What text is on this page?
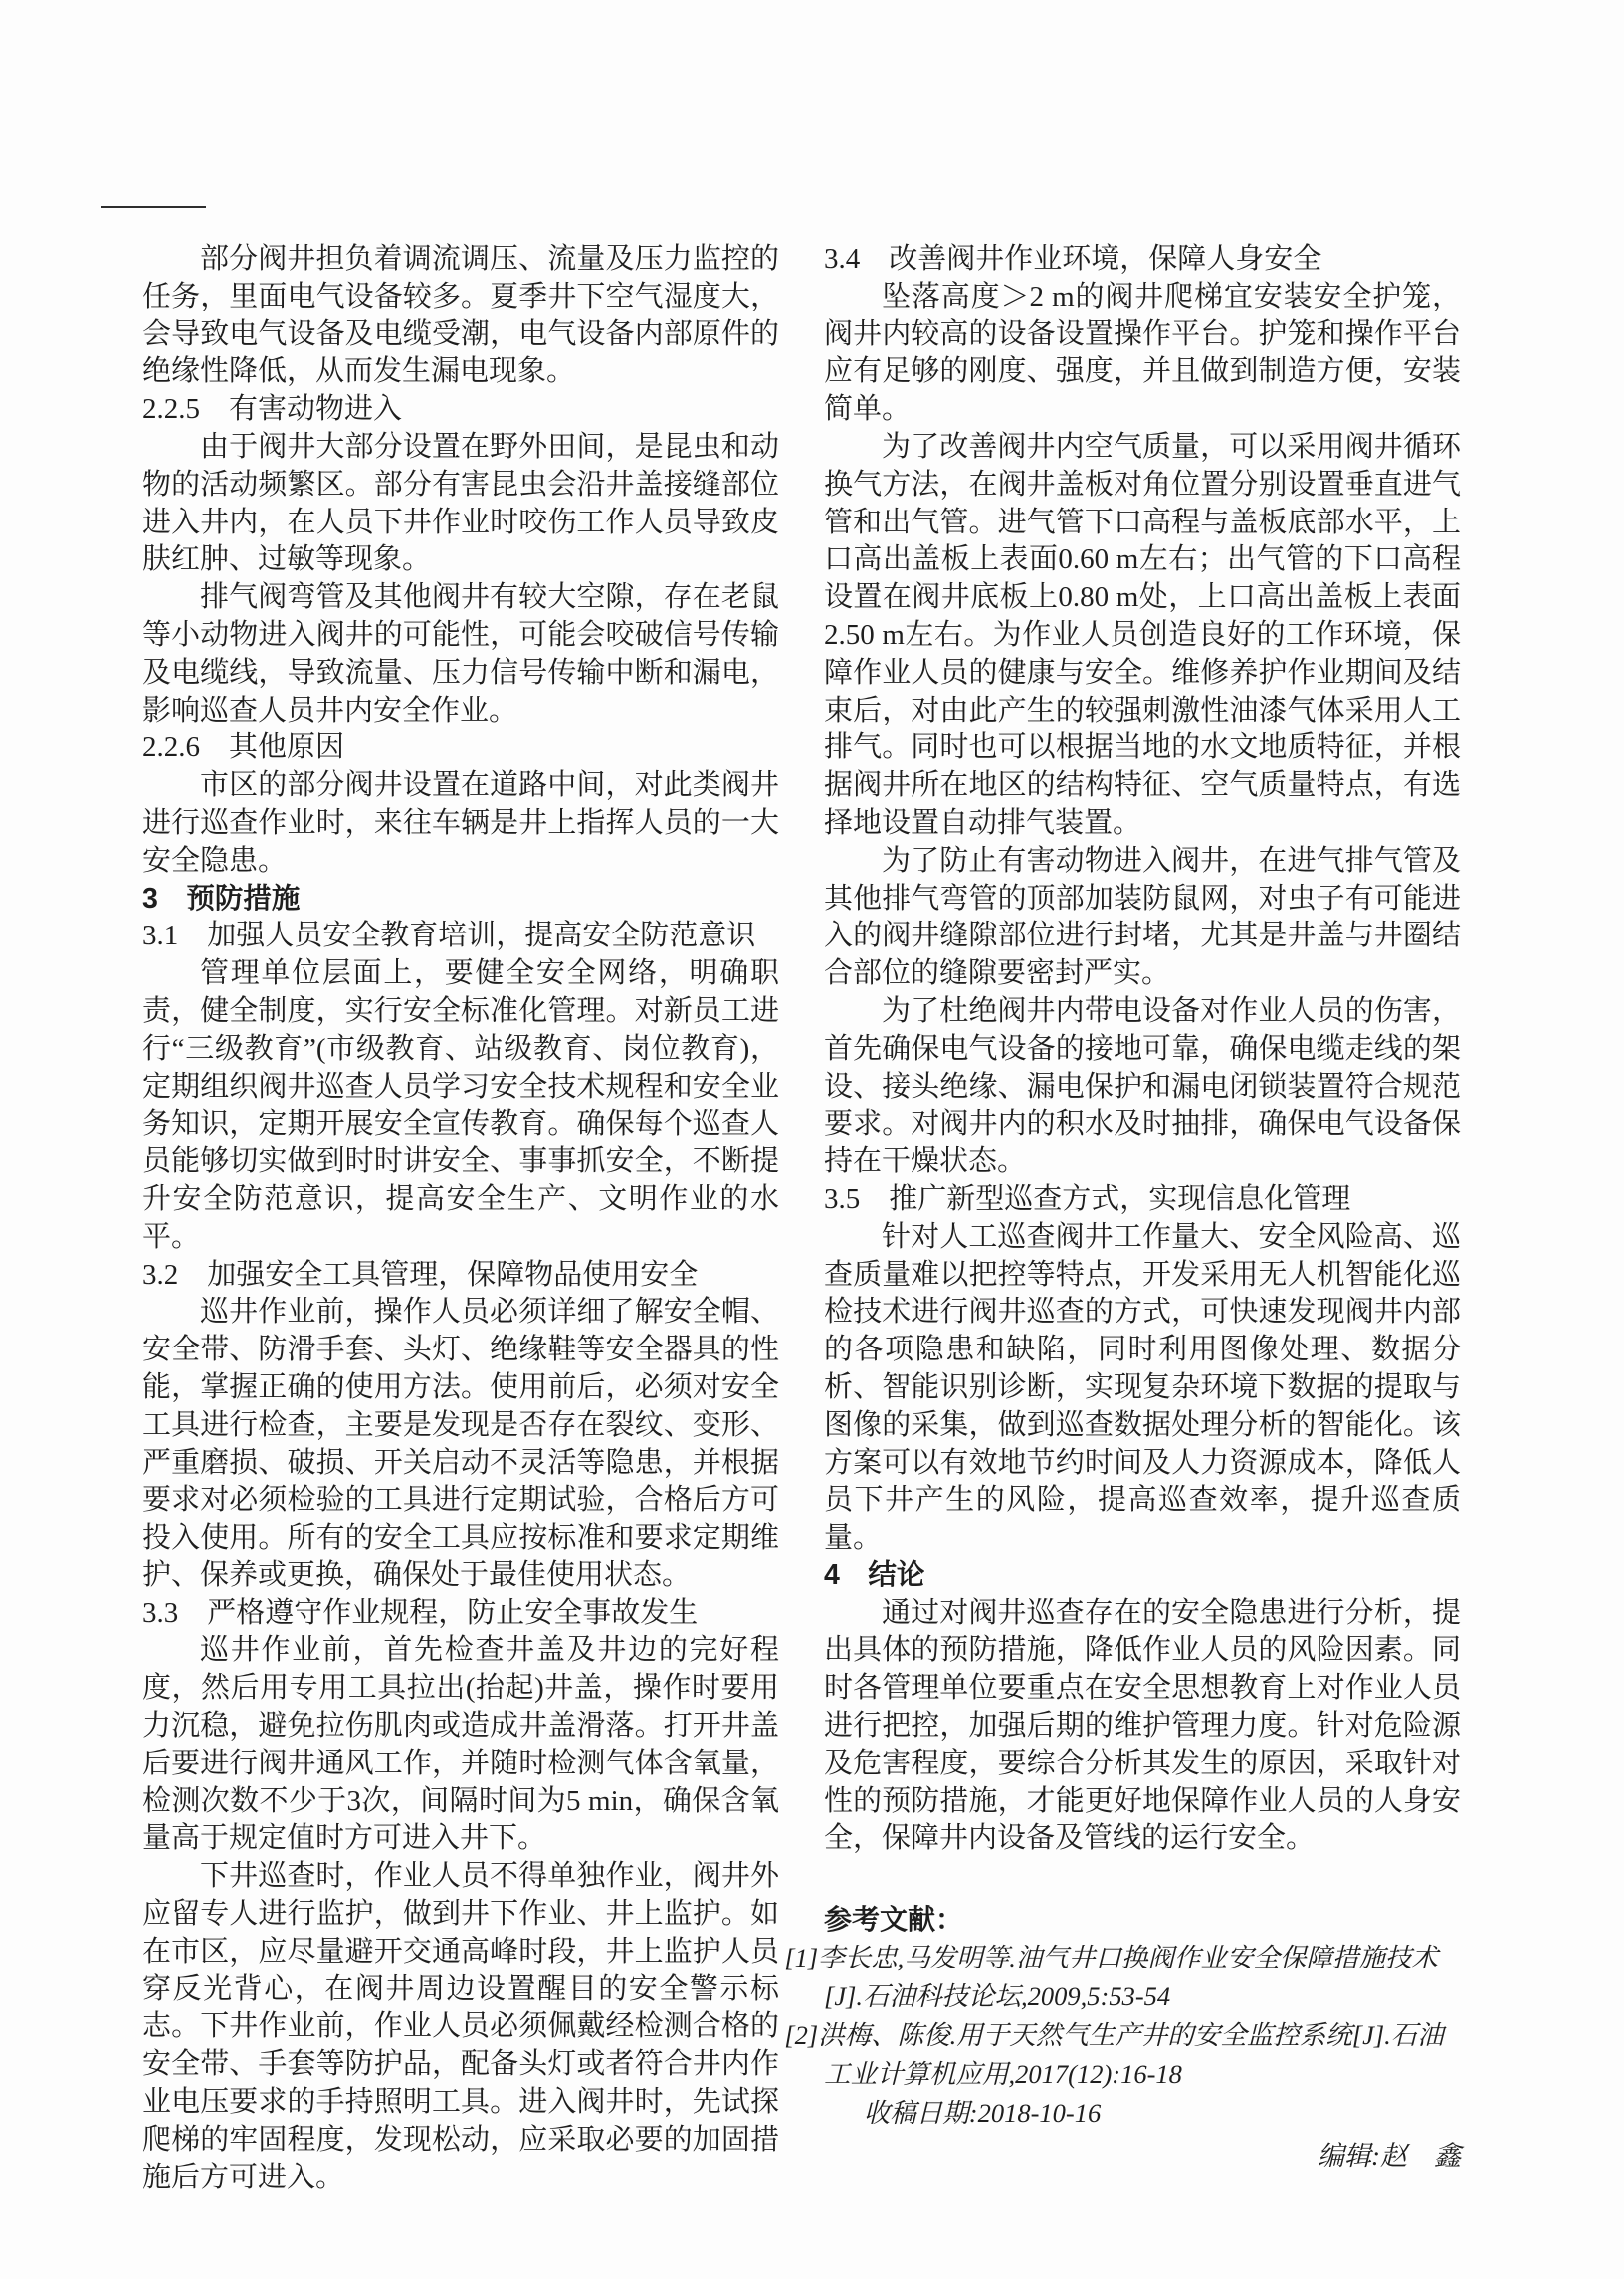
部分阀井担负着调流调压、流量及压力监控的任务，里面电气设备较多。夏季井下空气湿度大，会导致电气设备及电缆受潮，电气设备内部原件的绝缘性降低，从而发生漏电现象。

2.2.5　有害动物进入

由于阀井大部分设置在野外田间，是昆虫和动物的活动频繁区。部分有害昆虫会沿井盖接缝部位进入井内，在人员下井作业时咬伤工作人员导致皮肤红肿、过敏等现象。

排气阀弯管及其他阀井有较大空隙，存在老鼠等小动物进入阀井的可能性，可能会咬破信号传输及电缆线，导致流量、压力信号传输中断和漏电，影响巡查人员井内安全作业。

2.2.6　其他原因

市区的部分阀井设置在道路中间，对此类阀井进行巡查作业时，来往车辆是井上指挥人员的一大安全隐患。

3　预防措施
3.1　加强人员安全教育培训，提高安全防范意识

管理单位层面上，要健全安全网络，明确职责，健全制度，实行安全标准化管理。对新员工进行“三级教育”(市级教育、站级教育、岗位教育)，定期组织阀井巡查人员学习安全技术规程和安全业务知识，定期开展安全宣传教育。确保每个巡查人员能够切实做到时时讲安全、事事抓安全，不断提升安全防范意识，提高安全生产、文明作业的水平。

3.2　加强安全工具管理，保障物品使用安全

巡井作业前，操作人员必须详细了解安全帽、安全带、防滑手套、头灯、绝缘鞋等安全器具的性能，掌握正确的使用方法。使用前后，必须对安全工具进行检查，主要是发现是否存在裂纹、变形、严重磨损、破损、开关启动不灵活等隐患，并根据要求对必须检验的工具进行定期试验，合格后方可投入使用。所有的安全工具应按标准和要求定期维护、保养或更换，确保处于最佳使用状态。

3.3　严格遵守作业规程，防止安全事故发生

巡井作业前，首先检查井盖及井边的完好程度，然后用专用工具拉出(抬起)井盖，操作时要用力沉稳，避免拉伤肌肉或造成井盖滑落。打开井盖后要进行阀井通风工作，并随时检测气体含氧量，检测次数不少于3次，间隔时间为5 min，确保含氧量高于规定值时方可进入井下。

下井巡查时，作业人员不得单独作业，阀井外应留专人进行监护，做到井下作业、井上监护。如在市区，应尽量避开交通高峰时段，井上监护人员穿反光背心，在阀井周边设置醒目的安全警示标志。下井作业前，作业人员必须佩戴经检测合格的安全带、手套等防护品，配备头灯或者符合井内作业电压要求的手持照明工具。进入阀井时，先试探爬梯的牢固程度，发现松动，应采取必要的加固措施后方可进入。

3.4　改善阀井作业环境，保障人身安全

坠落高度＞2 m的阀井爬梯宜安装安全护笼，阀井内较高的设备设置操作平台。护笼和操作平台应有足够的刚度、强度，并且做到制造方便，安装简单。

为了改善阀井内空气质量，可以采用阀井循环换气方法，在阀井盖板对角位置分别设置垂直进气管和出气管。进气管下口高程与盖板底部水平，上口高出盖板上表面0.60 m左右；出气管的下口高程设置在阀井底板上0.80 m处，上口高出盖板上表面2.50 m左右。为作业人员创造良好的工作环境，保障作业人员的健康与安全。维修养护作业期间及结束后，对由此产生的较强刺激性油漆气体采用人工排气。同时也可以根据当地的水文地质特征，并根据阀井所在地区的结构特征、空气质量特点，有选择地设置自动排气装置。

为了防止有害动物进入阀井，在进气排气管及其他排气弯管的顶部加装防鼠网，对虫子有可能进入的阀井缝隙部位进行封堵，尤其是井盖与井圈结合部位的缝隙要密封严实。

为了杜绝阀井内带电设备对作业人员的伤害，首先确保电气设备的接地可靠，确保电缆走线的架设、接头绝缘、漏电保护和漏电闭锁装置符合规范要求。对阀井内的积水及时抽排，确保电气设备保持在干燥状态。

3.5　推广新型巡查方式，实现信息化管理

针对人工巡查阀井工作量大、安全风险高、巡查质量难以把控等特点，开发采用无人机智能化巡检技术进行阀井巡查的方式，可快速发现阀井内部的各项隐患和缺陷，同时利用图像处理、数据分析、智能识别诊断，实现复杂环境下数据的提取与图像的采集，做到巡查数据处理分析的智能化。该方案可以有效地节约时间及人力资源成本，降低人员下井产生的风险，提高巡查效率，提升巡查质量。

4　结论

通过对阀井巡查存在的安全隐患进行分析，提出具体的预防措施，降低作业人员的风险因素。同时各管理单位要重点在安全思想教育上对作业人员进行把控，加强后期的维护管理力度。针对危险源及危害程度，要综合分析其发生的原因，采取针对性的预防措施，才能更好地保障作业人员的人身安全，保障井内设备及管线的运行安全。

参考文献：

[1]李长忠,马发明等.油气井口换阀作业安全保障措施技术[J].石油科技论坛,2009,5:53-54

[2]洪梅、陈俊.用于天然气生产井的安全监控系统[J].石油工业计算机应用,2017(12):16-18

收稿日期:2018-10-16

编辑:赵　鑫
